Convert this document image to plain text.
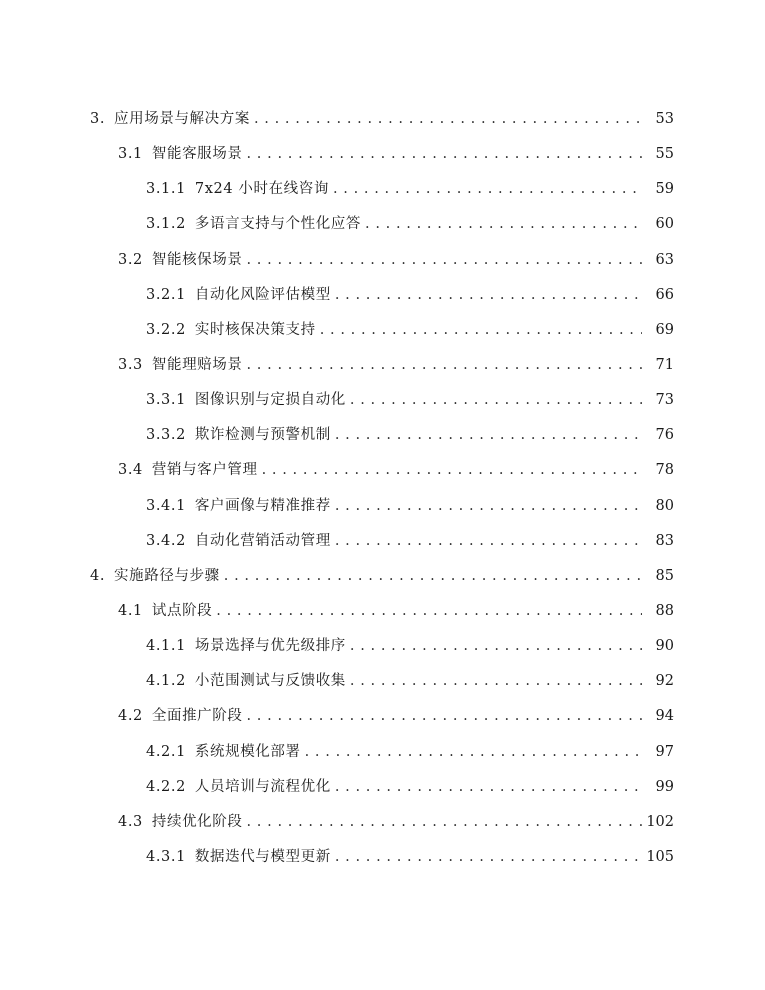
3. 应用场景与解决方案 . . .	53
3.1 智能客服场景 . . .	55
3.1.1 7x24 小时在线咨询 . . .	59
3.1.2 多语言支持与个性化应答 . . .	60
3.2 智能核保场景 . . .	63
3.2.1 自动化风险评估模型 . . .	66
3.2.2 实时核保决策支持 . . .	69
3.3 智能理赔场景 . . .	71
3.3.1 图像识别与定损自动化 . . .	73
3.3.2 欺诈检测与预警机制 . . .	76
3.4 营销与客户管理 . . .	78
3.4.1 客户画像与精准推荐 . . .	80
3.4.2 自动化营销活动管理 . . .	83
4. 实施路径与步骤 . . .	85
4.1 试点阶段 . . .	88
4.1.1 场景选择与优先级排序 . . .	90
4.1.2 小范围测试与反馈收集 . . .	92
4.2 全面推广阶段 . . .	94
4.2.1 系统规模化部署 . . .	97
4.2.2 人员培训与流程优化 . . .	99
4.3 持续优化阶段 . . .	102
4.3.1 数据迭代与模型更新 . . .	105
